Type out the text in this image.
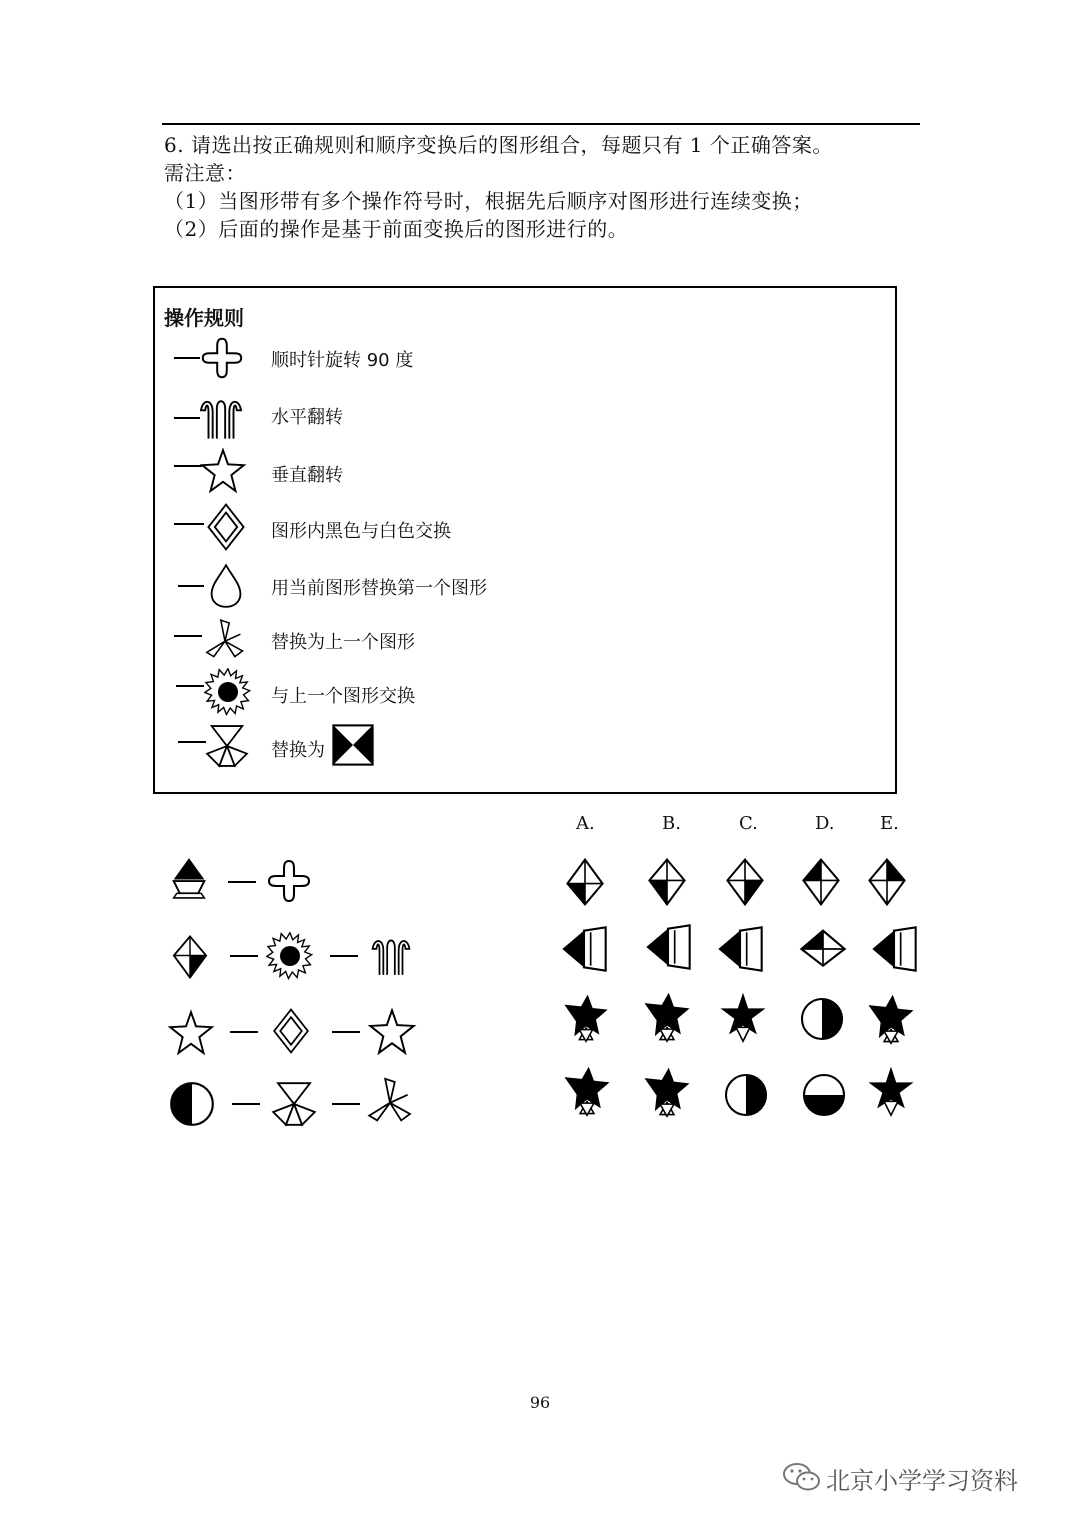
6. 请选出按正确规则和顺序变换后的图形组合，每题只有 1 个正确答案。
需注意：
（1）当图形带有多个操作符号时，根据先后顺序对图形进行连续变换；
（2）后面的操作是基于前面变换后的图形进行的。
操作规则
顺时针旋转 90 度
水平翻转
垂直翻转
图形内黑色与白色交换
用当前图形替换第一个图形
替换为上一个图形
与上一个图形交换
替换为
A.	B.	C.	D.	E.
96
北京小学学习资料
